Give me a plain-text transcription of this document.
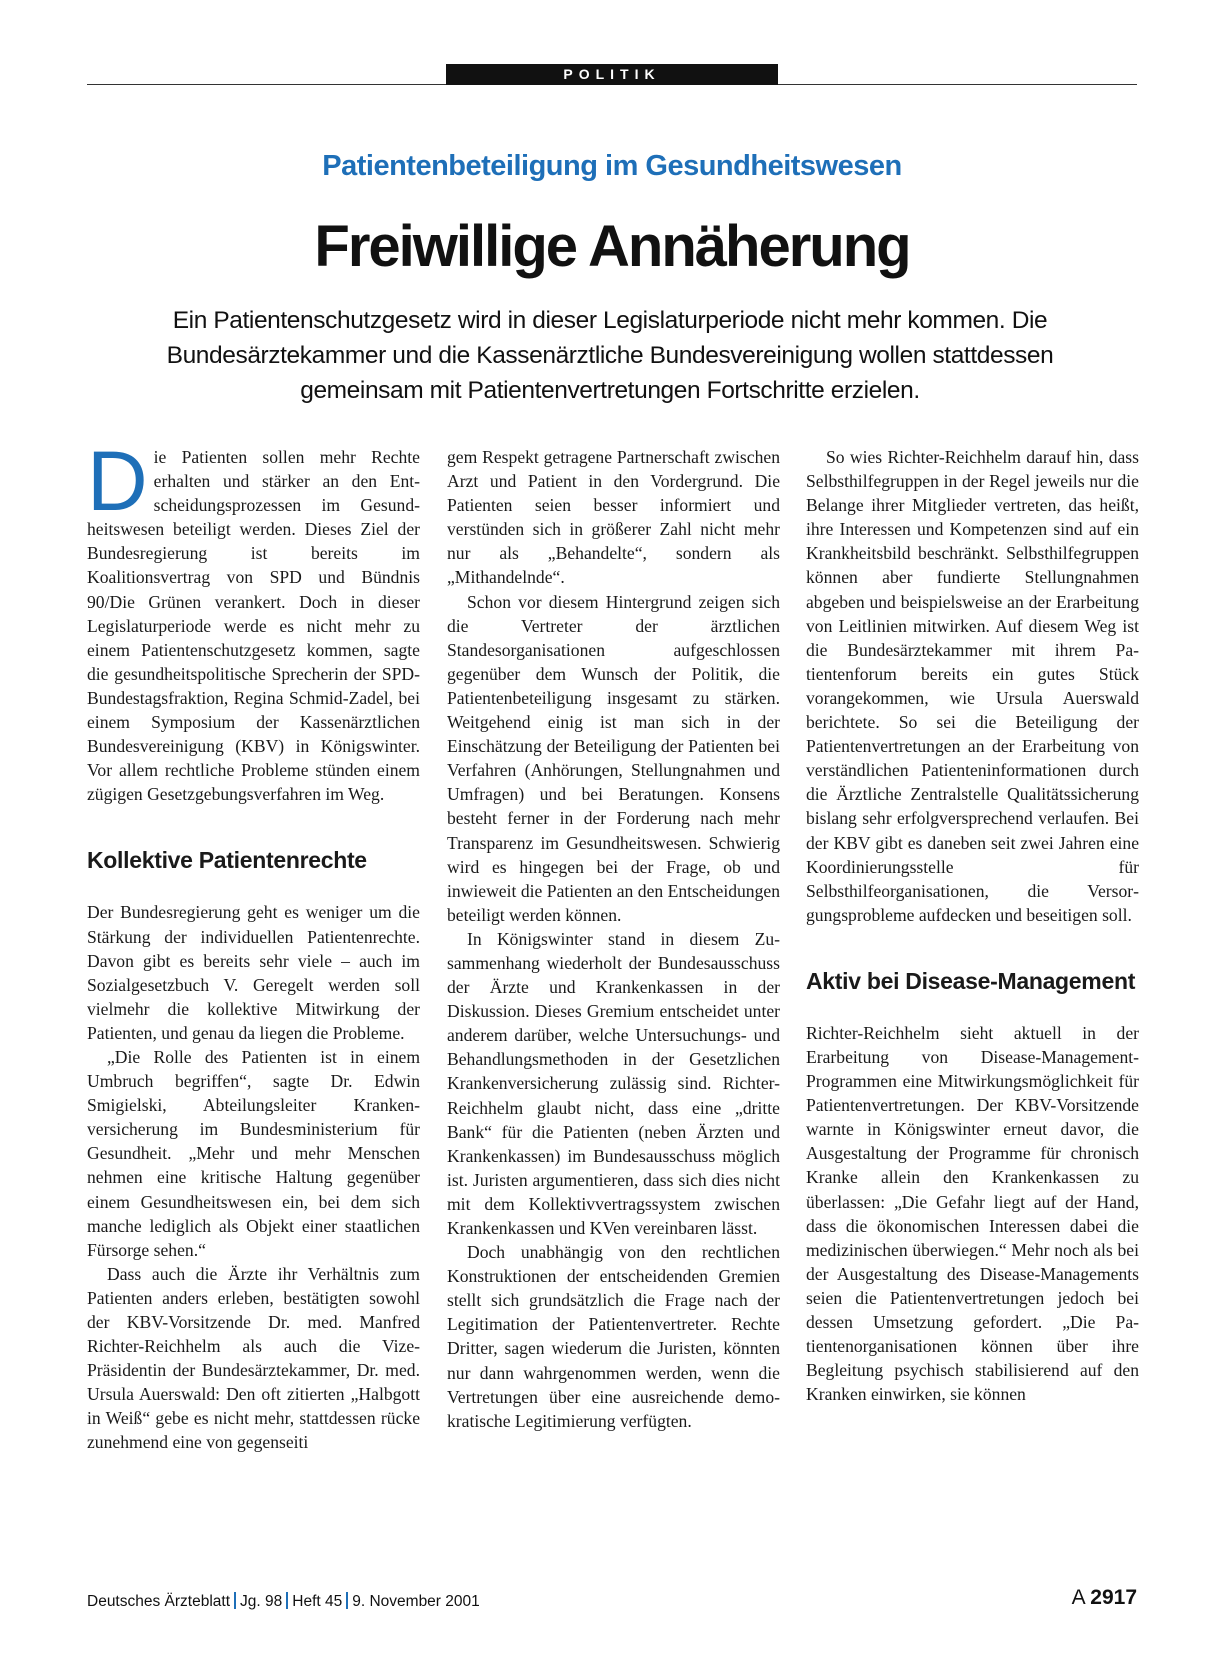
POLITIK
Patientenbeteiligung im Gesundheitswesen
Freiwillige Annäherung
Ein Patientenschutzgesetz wird in dieser Legislaturperiode nicht mehr kommen. Die Bundesärztekammer und die Kassenärztliche Bundesvereinigung wollen stattdessen gemeinsam mit Patientenvertretungen Fortschritte erzielen.

Die Patienten sollen mehr Rechte erhalten und stärker an den Entscheidungsprozessen im Gesundheitswesen beteiligt werden. Dieses Ziel der Bundesregierung ist bereits im Koalitionsvertrag von SPD und Bündnis 90/Die Grünen verankert. Doch in dieser Legislaturperiode werde es nicht mehr zu einem Patientenschutzgesetz kommen, sagte die gesundheitspolitische Sprecherin der SPD-Bundestagsfraktion, Regina Schmid-Zadel, bei einem Symposium der Kassenärztlichen Bundesvereinigung (KBV) in Königswinter. Vor allem rechtliche Probleme stünden einem zügigen Gesetzgebungsverfahren im Weg.

Kollektive Patientenrechte

Der Bundesregierung geht es weniger um die Stärkung der individuellen Patientenrechte. Davon gibt es bereits sehr viele – auch im Sozialgesetzbuch V. Geregelt werden soll vielmehr die kollektive Mitwirkung der Patienten, und genau da liegen die Probleme.

„Die Rolle des Patienten ist in einem Umbruch begriffen“, sagte Dr. Edwin Smigielski, Abteilungsleiter Krankenversicherung im Bundesministerium für Gesundheit. „Mehr und mehr Menschen nehmen eine kritische Haltung gegenüber einem Gesundheitswesen ein, bei dem sich manche lediglich als Objekt einer staatlichen Fürsorge sehen.“

Dass auch die Ärzte ihr Verhältnis zum Patienten anders erleben, bestätigten sowohl der KBV-Vorsitzende Dr. med. Manfred Richter-Reichhelm als auch die Vize-Präsidentin der Bundesärztekammer, Dr. med. Ursula Auerswald: Den oft zitierten „Halbgott in Weiß“ gebe es nicht mehr, stattdessen rücke zunehmend eine von gegenseiti

gem Respekt getragene Partnerschaft zwischen Arzt und Patient in den Vordergrund. Die Patienten seien besser informiert und verstünden sich in größerer Zahl nicht mehr nur als „Behandelte“, sondern als „Mithandelnde“.

Schon vor diesem Hintergrund zeigen sich die Vertreter der ärztlichen Standesorganisationen aufgeschlossen gegenüber dem Wunsch der Politik, die Patientenbeteiligung insgesamt zu stärken. Weitgehend einig ist man sich in der Einschätzung der Beteiligung der Patienten bei Verfahren (Anhörungen, Stellungnahmen und Umfragen) und bei Beratungen. Konsens besteht ferner in der Forderung nach mehr Transparenz im Gesundheitswesen. Schwierig wird es hingegen bei der Frage, ob und inwieweit die Patienten an den Entscheidungen beteiligt werden können.

In Königswinter stand in diesem Zusammenhang wiederholt der Bundesausschuss der Ärzte und Krankenkassen in der Diskussion. Dieses Gremium entscheidet unter anderem darüber, welche Untersuchungs- und Behandlungsmethoden in der Gesetzlichen Krankenversicherung zulässig sind. Richter-Reichhelm glaubt nicht, dass eine „dritte Bank“ für die Patienten (neben Ärzten und Krankenkassen) im Bundesausschuss möglich ist. Juristen argumentieren, dass sich dies nicht mit dem Kollektivvertragssystem zwischen Krankenkassen und KVen vereinbaren lässt.

Doch unabhängig von den rechtlichen Konstruktionen der entscheidenden Gremien stellt sich grundsätzlich die Frage nach der Legitimation der Patientenvertreter. Rechte Dritter, sagen wiederum die Juristen, könnten nur dann wahrgenommen werden, wenn die Vertretungen über eine ausreichende demokratische Legitimierung verfügten.

So wies Richter-Reichhelm darauf hin, dass Selbsthilfegruppen in der Regel jeweils nur die Belange ihrer Mitglieder vertreten, das heißt, ihre Interessen und Kompetenzen sind auf ein Krankheitsbild beschränkt. Selbsthilfegruppen können aber fundierte Stellungnahmen abgeben und beispielsweise an der Erarbeitung von Leitlinien mitwirken. Auf diesem Weg ist die Bundesärztekammer mit ihrem Patientenforum bereits ein gutes Stück vorangekommen, wie Ursula Auerswald berichtete. So sei die Beteiligung der Patientenvertretungen an der Erarbeitung von verständlichen Patienteninformationen durch die Ärztliche Zentralstelle Qualitätssicherung bislang sehr erfolgversprechend verlaufen. Bei der KBV gibt es daneben seit zwei Jahren eine Koordinierungsstelle für Selbsthilfeorganisationen, die Versorgungsprobleme aufdecken und beseitigen soll.

Aktiv bei Disease-Management

Richter-Reichhelm sieht aktuell in der Erarbeitung von Disease-Management-Programmen eine Mitwirkungsmöglichkeit für Patientenvertretungen. Der KBV-Vorsitzende warnte in Königswinter erneut davor, die Ausgestaltung der Programme für chronisch Kranke allein den Krankenkassen zu überlassen: „Die Gefahr liegt auf der Hand, dass die ökonomischen Interessen dabei die medizinischen überwiegen.“ Mehr noch als bei der Ausgestaltung des Disease-Managements seien die Patientenvertretungen jedoch bei dessen Umsetzung gefordert. „Die Patientenorganisationen können über ihre Begleitung psychisch stabilisierend auf den Kranken einwirken, sie können

Deutsches Ärzteblatt Jg. 98 Heft 45 9. November 2001	A 2917
